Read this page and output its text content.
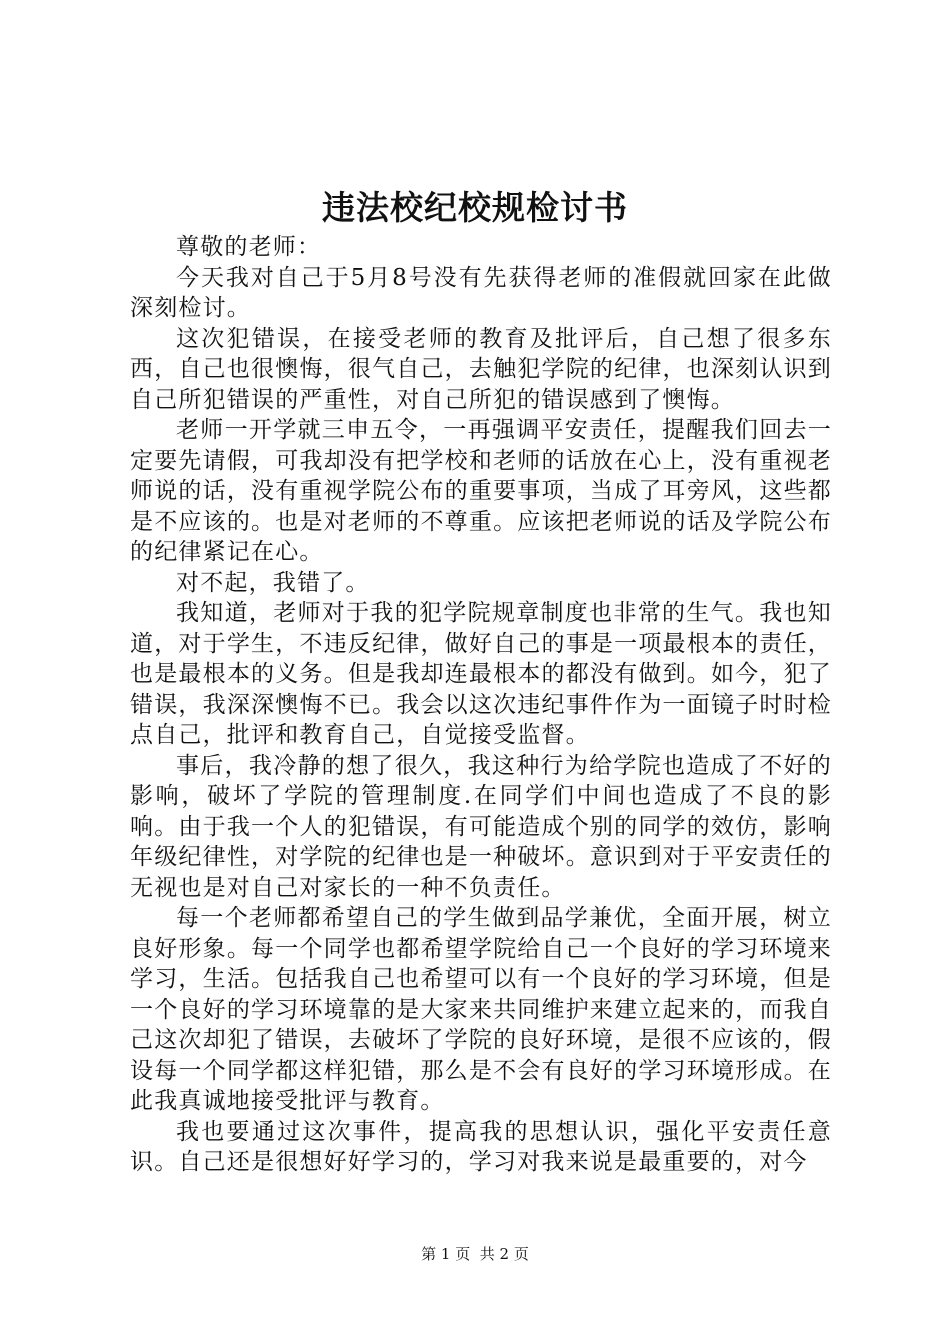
违法校纪校规检讨书

尊敬的老师：

今天我对自己于5月8号没有先获得老师的准假就回家在此做深刻检讨。

这次犯错误，在接受老师的教育及批评后，自己想了很多东西，自己也很懊悔，很气自己，去触犯学院的纪律，也深刻认识到自己所犯错误的严重性，对自己所犯的错误感到了懊悔。

老师一开学就三申五令，一再强调平安责任，提醒我们回去一定要先请假，可我却没有把学校和老师的话放在心上，没有重视老师说的话，没有重视学院公布的重要事项，当成了耳旁风，这些都是不应该的。也是对老师的不尊重。应该把老师说的话及学院公布的纪律紧记在心。

对不起，我错了。

我知道，老师对于我的犯学院规章制度也非常的生气。我也知道，对于学生，不违反纪律，做好自己的事是一项最根本的责任，也是最根本的义务。但是我却连最根本的都没有做到。如今，犯了错误，我深深懊悔不已。我会以这次违纪事件作为一面镜子时时检点自己，批评和教育自己，自觉接受监督。

事后，我冷静的想了很久，我这种行为给学院也造成了不好的影响，破坏了学院的管理制度.在同学们中间也造成了不良的影响。由于我一个人的犯错误，有可能造成个别的同学的效仿，影响年级纪律性，对学院的纪律也是一种破坏。意识到对于平安责任的无视也是对自己对家长的一种不负责任。

每一个老师都希望自己的学生做到品学兼优，全面开展，树立良好形象。每一个同学也都希望学院给自己一个良好的学习环境来学习，生活。包括我自己也希望可以有一个良好的学习环境，但是一个良好的学习环境靠的是大家来共同维护来建立起来的，而我自己这次却犯了错误，去破坏了学院的良好环境，是很不应该的，假设每一个同学都这样犯错，那么是不会有良好的学习环境形成。在此我真诚地接受批评与教育。

我也要通过这次事件，提高我的思想认识，强化平安责任意识。自己还是很想好好学习的，学习对我来说是最重要的，对今

第 1 页  共 2 页
